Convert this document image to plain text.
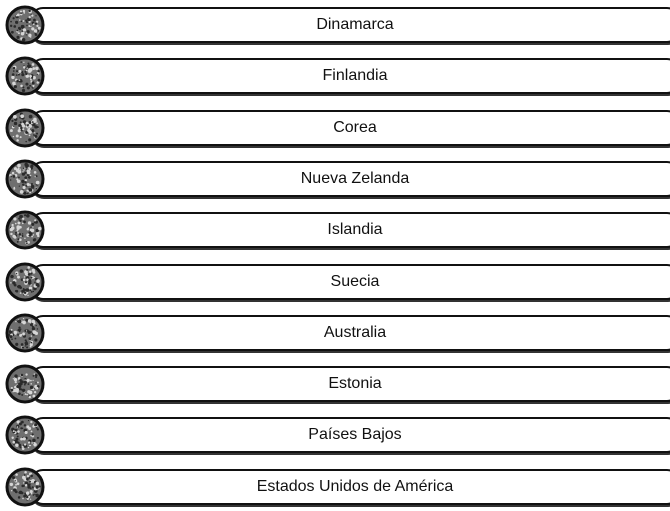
Dinamarca
Finlandia
Corea
Nueva Zelanda
Islandia
Suecia
Australia
Estonia
Países Bajos
Estados Unidos de América
